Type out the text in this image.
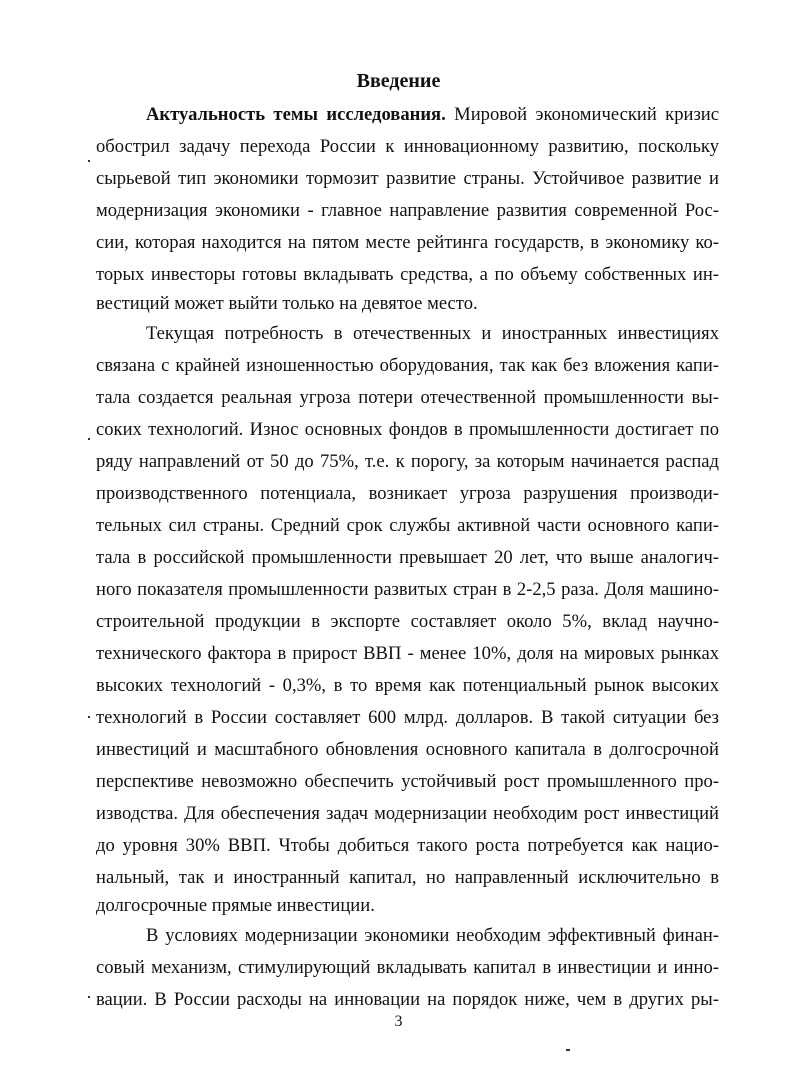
Введение
Актуальность темы исследования. Мировой экономический кризис
обострил задачу перехода России к инновационному развитию, поскольку
сырьевой тип экономики тормозит развитие страны. Устойчивое развитие и
модернизация экономики - главное направление развития современной Рос-
сии, которая находится на пятом месте рейтинга государств, в экономику ко-
торых инвесторы готовы вкладывать средства, а по объему собственных ин-
вестиций может выйти только на девятое место.
Текущая потребность в отечественных и иностранных инвестициях
связана с крайней изношенностью оборудования, так как без вложения капи-
тала создается реальная угроза потери отечественной промышленности вы-
соких технологий. Износ основных фондов в промышленности достигает по
ряду направлений от 50 до 75%, т.е. к порогу, за которым начинается распад
производственного потенциала, возникает угроза разрушения производи-
тельных сил страны. Средний срок службы активной части основного капи-
тала в российской промышленности превышает 20 лет, что выше аналогич-
ного показателя промышленности развитых стран в 2-2,5 раза. Доля машино-
строительной продукции в экспорте составляет около 5%, вклад научно-
технического фактора в прирост ВВП - менее 10%, доля на мировых рынках
высоких технологий - 0,3%, в то время как потенциальный рынок высоких
технологий в России составляет 600 млрд. долларов. В такой ситуации без
инвестиций и масштабного обновления основного капитала в долгосрочной
перспективе невозможно обеспечить устойчивый рост промышленного про-
изводства. Для обеспечения задач модернизации необходим рост инвестиций
до уровня 30% ВВП. Чтобы добиться такого роста потребуется как нацио-
нальный, так и иностранный капитал, но направленный исключительно в
долгосрочные прямые инвестиции.
В условиях модернизации экономики необходим эффективный финан-
совый механизм, стимулирующий вкладывать капитал в инвестиции и инно-
вации. В России расходы на инновации на порядок ниже, чем в других ры-
3
